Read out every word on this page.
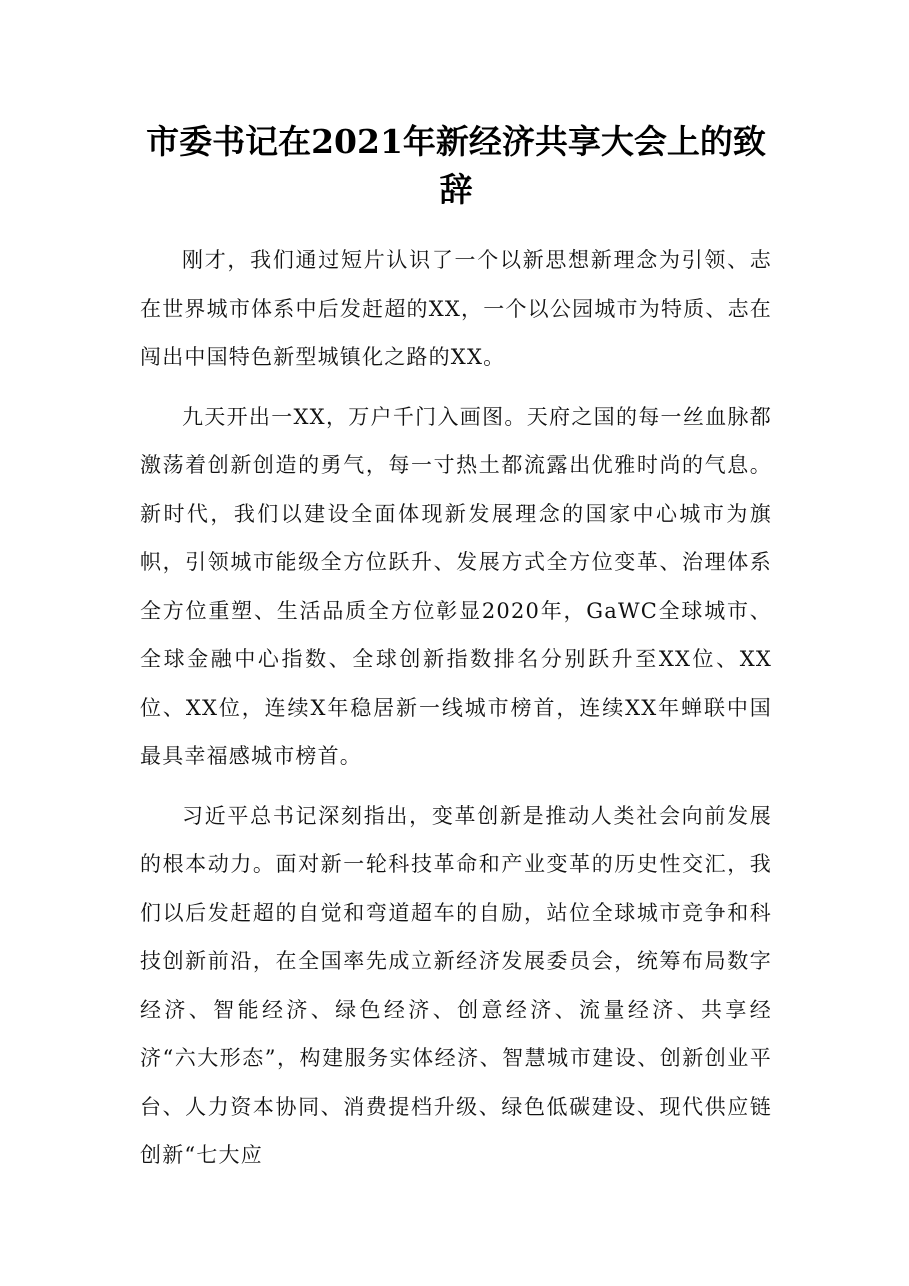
市委书记在2021年新经济共享大会上的致辞

刚才，我们通过短片认识了一个以新思想新理念为引领、志在世界城市体系中后发赶超的XX，一个以公园城市为特质、志在闯出中国特色新型城镇化之路的XX。

九天开出一XX，万户千门入画图。天府之国的每一丝血脉都激荡着创新创造的勇气，每一寸热土都流露出优雅时尚的气息。新时代，我们以建设全面体现新发展理念的国家中心城市为旗帜，引领城市能级全方位跃升、发展方式全方位变革、治理体系全方位重塑、生活品质全方位彰显2020年，GaWC全球城市、全球金融中心指数、全球创新指数排名分别跃升至XX位、XX位、XX位，连续X年稳居新一线城市榜首，连续XX年蝉联中国最具幸福感城市榜首。

习近平总书记深刻指出，变革创新是推动人类社会向前发展的根本动力。面对新一轮科技革命和产业变革的历史性交汇，我们以后发赶超的自觉和弯道超车的自励，站位全球城市竞争和科技创新前沿，在全国率先成立新经济发展委员会，统筹布局数字经济、智能经济、绿色经济、创意经济、流量经济、共享经济“六大形态”，构建服务实体经济、智慧城市建设、创新创业平台、人力资本协同、消费提档升级、绿色低碳建设、现代供应链创新“七大应
